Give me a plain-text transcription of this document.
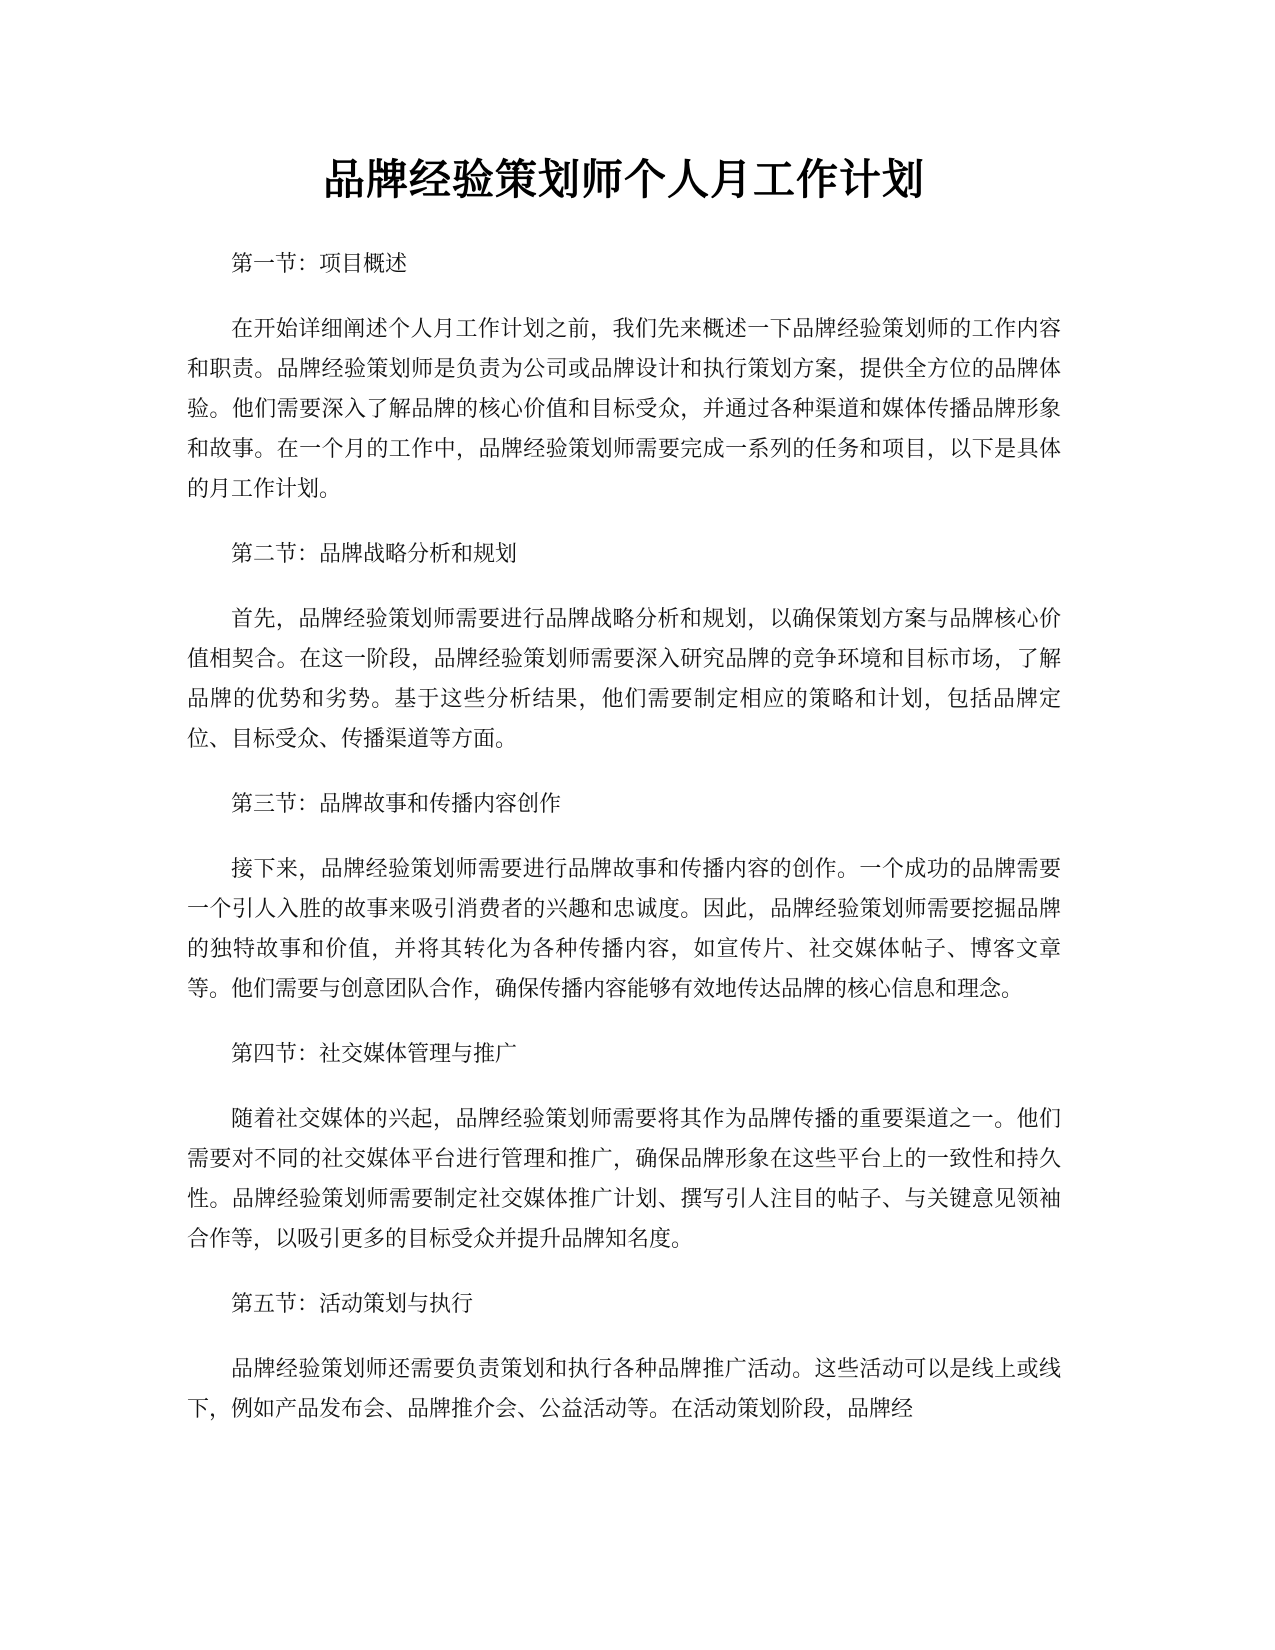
品牌经验策划师个人月工作计划

第一节：项目概述

在开始详细阐述个人月工作计划之前，我们先来概述一下品牌经验策划师的工作内容和职责。品牌经验策划师是负责为公司或品牌设计和执行策划方案，提供全方位的品牌体验。他们需要深入了解品牌的核心价值和目标受众，并通过各种渠道和媒体传播品牌形象和故事。在一个月的工作中，品牌经验策划师需要完成一系列的任务和项目，以下是具体的月工作计划。

第二节：品牌战略分析和规划

首先，品牌经验策划师需要进行品牌战略分析和规划，以确保策划方案与品牌核心价值相契合。在这一阶段，品牌经验策划师需要深入研究品牌的竞争环境和目标市场，了解品牌的优势和劣势。基于这些分析结果，他们需要制定相应的策略和计划，包括品牌定位、目标受众、传播渠道等方面。

第三节：品牌故事和传播内容创作

接下来，品牌经验策划师需要进行品牌故事和传播内容的创作。一个成功的品牌需要一个引人入胜的故事来吸引消费者的兴趣和忠诚度。因此，品牌经验策划师需要挖掘品牌的独特故事和价值，并将其转化为各种传播内容，如宣传片、社交媒体帖子、博客文章等。他们需要与创意团队合作，确保传播内容能够有效地传达品牌的核心信息和理念。

第四节：社交媒体管理与推广

随着社交媒体的兴起，品牌经验策划师需要将其作为品牌传播的重要渠道之一。他们需要对不同的社交媒体平台进行管理和推广，确保品牌形象在这些平台上的一致性和持久性。品牌经验策划师需要制定社交媒体推广计划、撰写引人注目的帖子、与关键意见领袖合作等，以吸引更多的目标受众并提升品牌知名度。

第五节：活动策划与执行

品牌经验策划师还需要负责策划和执行各种品牌推广活动。这些活动可以是线上或线下，例如产品发布会、品牌推介会、公益活动等。在活动策划阶段，品牌经
